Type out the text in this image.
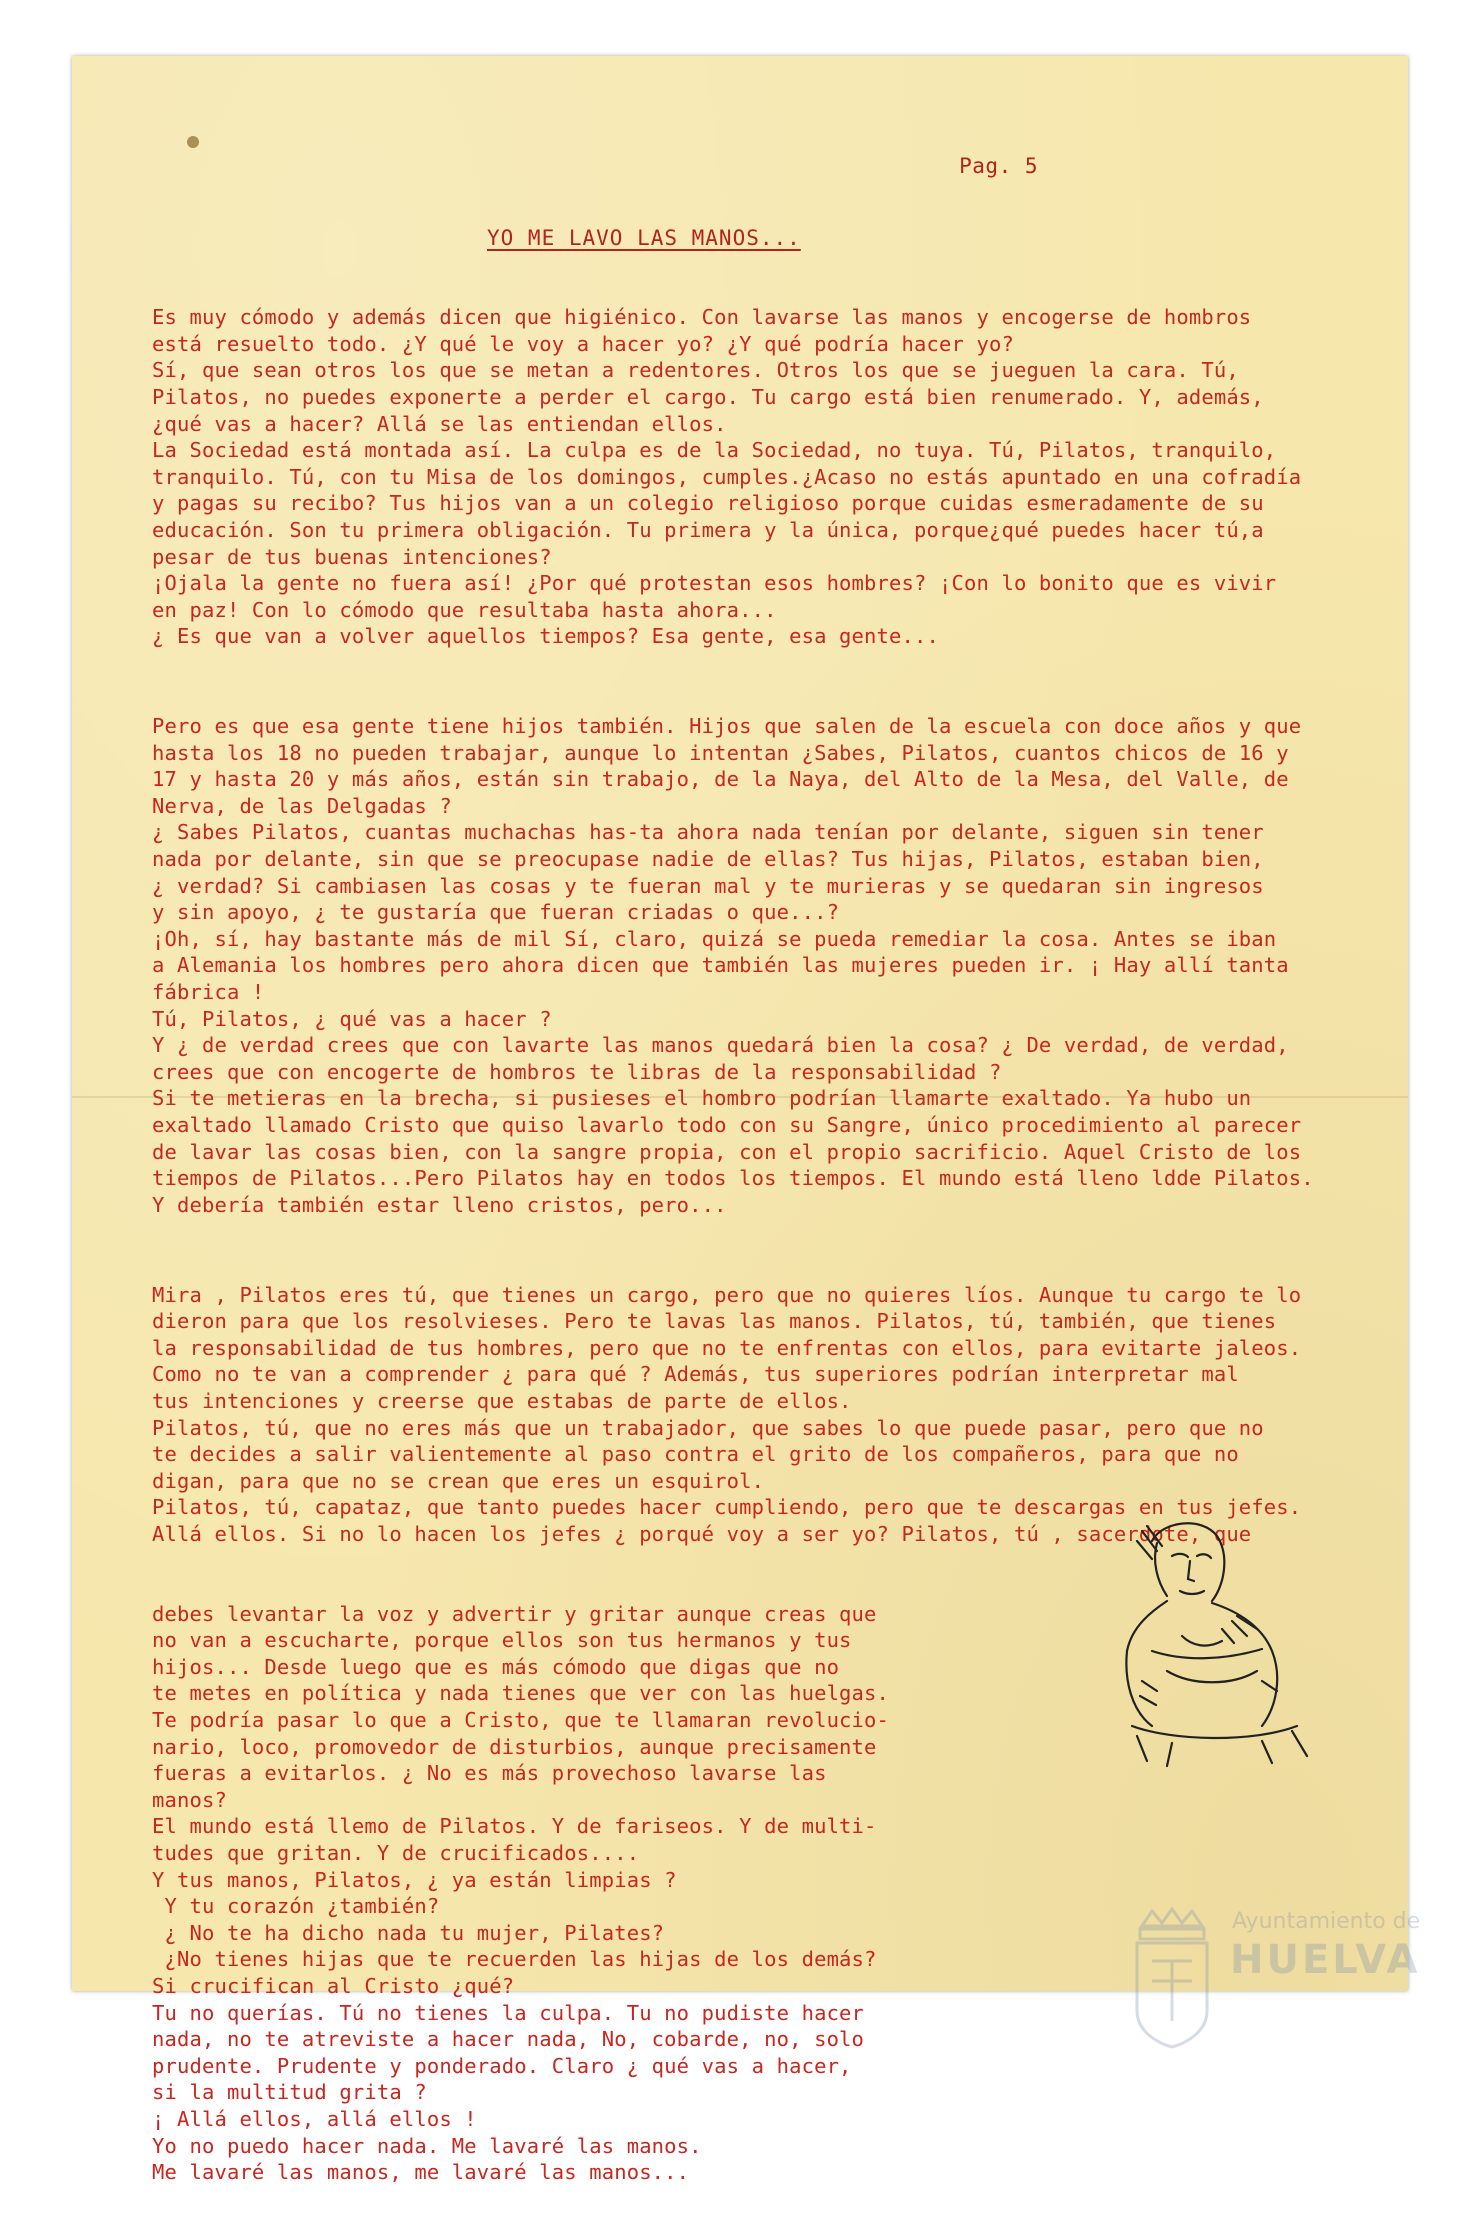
Pag. 5
YO ME LAVO LAS MANOS...

Es muy cómodo y además dicen que higiénico. Con lavarse las manos y encogerse de hombros
está resuelto todo. ¿Y qué le voy a hacer yo? ¿Y qué podría hacer yo?
Sí, que sean otros los que se metan a redentores. Otros los que se jueguen la cara. Tú,
Pilatos, no puedes exponerte a perder el cargo. Tu cargo está bien renumerado. Y, además,
¿qué vas a hacer? Allá se las entiendan ellos.
La Sociedad está montada así. La culpa es de la Sociedad, no tuya. Tú, Pilatos, tranquilo,
tranquilo. Tú, con tu Misa de los domingos, cumples.¿Acaso no estás apuntado en una cofradía
y pagas su recibo? Tus hijos van a un colegio religioso porque cuidas esmeradamente de su
educación. Son tu primera obligación. Tu primera y la única, porque¿qué puedes hacer tú,a
pesar de tus buenas intenciones?
¡Ojala la gente no fuera así! ¿Por qué protestan esos hombres? ¡Con lo bonito que es vivir
en paz! Con lo cómodo que resultaba hasta ahora...
¿ Es que van a volver aquellos tiempos? Esa gente, esa gente...

Pero es que esa gente tiene hijos también. Hijos que salen de la escuela con doce años y que
hasta los 18 no pueden trabajar, aunque lo intentan ¿Sabes, Pilatos, cuantos chicos de 16 y
17 y hasta 20 y más años, están sin trabajo, de la Naya, del Alto de la Mesa, del Valle, de
Nerva, de las Delgadas ?
¿ Sabes Pilatos, cuantas muchachas has-ta ahora nada tenían por delante, siguen sin tener
nada por delante, sin que se preocupase nadie de ellas? Tus hijas, Pilatos, estaban bien,
¿ verdad? Si cambiasen las cosas y te fueran mal y te murieras y se quedaran sin ingresos
y sin apoyo, ¿ te gustaría que fueran criadas o que...?
¡Oh, sí, hay bastante más de mil Sí, claro, quizá se pueda remediar la cosa. Antes se iban
a Alemania los hombres pero ahora dicen que también las mujeres pueden ir. ¡ Hay allí tanta
fábrica !
Tú, Pilatos, ¿ qué vas a hacer ?
Y ¿ de verdad crees que con lavarte las manos quedará bien la cosa? ¿ De verdad, de verdad,
crees que con encogerte de hombros te libras de la responsabilidad ?
Si te metieras en la brecha, si pusieses el hombro podrían llamarte exaltado. Ya hubo un
exaltado llamado Cristo que quiso lavarlo todo con su Sangre, único procedimiento al parecer
de lavar las cosas bien, con la sangre propia, con el propio sacrificio. Aquel Cristo de los
tiempos de Pilatos...Pero Pilatos hay en todos los tiempos. El mundo está lleno ldde Pilatos.
Y debería también estar lleno cristos, pero...

Mira , Pilatos eres tú, que tienes un cargo, pero que no quieres líos. Aunque tu cargo te lo
dieron para que los resolvieses. Pero te lavas las manos. Pilatos, tú, también, que tienes
la responsabilidad de tus hombres, pero que no te enfrentas con ellos, para evitarte jaleos.
Como no te van a comprender ¿ para qué ? Además, tus superiores podrían interpretar mal
tus intenciones y creerse que estabas de parte de ellos.
Pilatos, tú, que no eres más que un trabajador, que sabes lo que puede pasar, pero que no
te decides a salir valientemente al paso contra el grito de los compañeros, para que no
digan, para que no se crean que eres un esquirol.
Pilatos, tú, capataz, que tanto puedes hacer cumpliendo, pero que te descargas en tus jefes.
Allá ellos. Si no lo hacen los jefes ¿ porqué voy a ser yo? Pilatos, tú , sacerdote, que

debes levantar la voz y advertir y gritar aunque creas que
no van a escucharte, porque ellos son tus hermanos y tus
hijos... Desde luego que es más cómodo que digas que no
te metes en política y nada tienes que ver con las huelgas.
Te podría pasar lo que a Cristo, que te llamaran revolucio-
nario, loco, promovedor de disturbios, aunque precisamente
fueras a evitarlos. ¿ No es más provechoso lavarse las
manos?
El mundo está llemo de Pilatos. Y de fariseos. Y de multi-
tudes que gritan. Y de crucificados....
Y tus manos, Pilatos, ¿ ya están limpias ?
Y tu corazón ¿también?
¿ No te ha dicho nada tu mujer, Pilates?
¿No tienes hijas que te recuerden las hijas de los demás?
Si crucifican al Cristo ¿qué?
Tu no querías. Tú no tienes la culpa. Tu no pudiste hacer
nada, no te atreviste a hacer nada, No, cobarde, no, solo
prudente. Prudente y ponderado. Claro ¿ qué vas a hacer,
si la multitud grita ?
¡ Allá ellos, allá ellos !
Yo no puedo hacer nada. Me lavaré las manos.
Me lavaré las manos, me lavaré las manos...

Ayuntamiento de
HUELVA
